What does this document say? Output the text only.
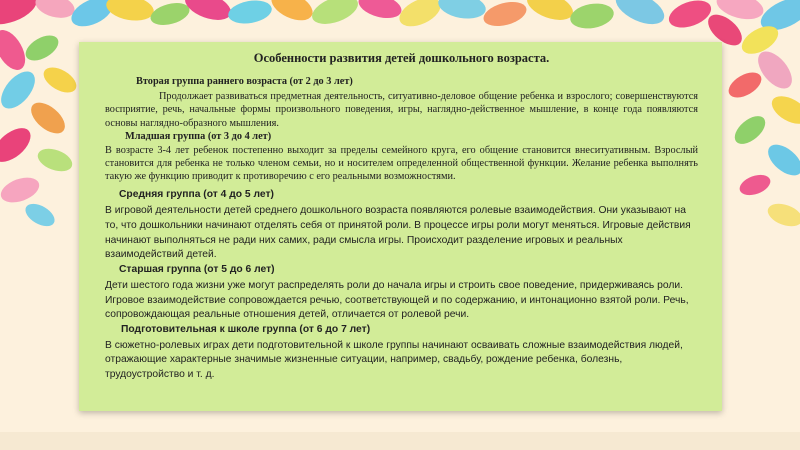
Особенности развития детей дошкольного возраста.

Вторая группа раннего возраста (от 2 до 3 лет)

Продолжает развиваться предметная деятельность, ситуативно-деловое общение ребенка и взрослого; совершенствуются восприятие, речь, начальные формы произвольного поведения, игры, наглядно-действенное мышление, в конце года появляются основы наглядно-образного мышления.

Младшая группа (от 3 до 4 лет)

В возрасте 3-4 лет ребенок постепенно выходит за пределы семейного круга, его общение становится внеситуативным. Взрослый становится для ребенка не только членом семьи, но и носителем определенной общественной функции. Желание ребенка выполнять такую же функцию приводит к противоречию с его реальными возможностями.

Средняя группа (от 4 до 5 лет)

В игровой деятельности детей среднего дошкольного возраста появляются ролевые взаимодействия. Они указывают на то, что дошкольники начинают отделять себя от принятой роли. В процессе игры роли могут меняться. Игровые действия начинают выполняться не ради них самих, ради смысла игры. Происходит разделение игровых и реальных взаимодействий детей.

Старшая группа (от 5 до 6 лет)

Дети шестого года жизни уже могут распределять роли до начала игры и строить свое поведение, придерживаясь роли. Игровое взаимодействие сопровождается речью, соответствующей и по содержанию, и интонационно взятой роли. Речь, сопровождающая реальные отношения детей, отличается от ролевой речи.

Подготовительная к школе группа (от 6 до 7 лет)

В сюжетно-ролевых играх дети подготовительной к школе группы начинают осваивать сложные взаимодействия людей, отражающие характерные значимые жизненные ситуации, например, свадьбу, рождение ребенка, болезнь, трудоустройство и т. д.
